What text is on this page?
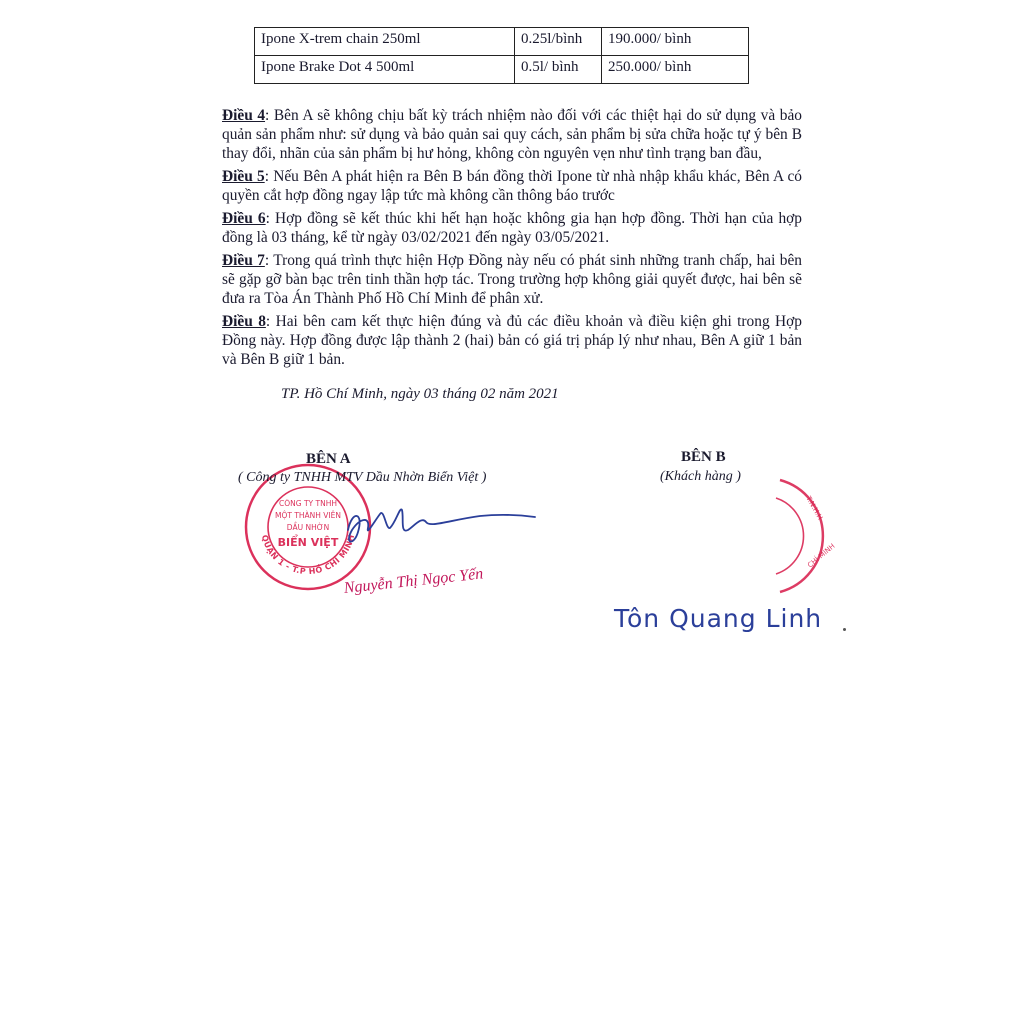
Ipone X-trem chain 250ml	0.25l/bình	190.000/ bình
Ipone Brake Dot 4 500ml	0.5l/ bình	250.000/ bình

Điều 4: Bên A sẽ không chịu bất kỳ trách nhiệm nào đối với các thiệt hại do sử dụng và bảo quản sản phẩm như: sử dụng và bảo quản sai quy cách, sản phẩm bị sửa chữa hoặc tự ý bên B thay đổi, nhãn của sản phẩm bị hư hỏng, không còn nguyên vẹn như tình trạng ban đầu,

Điều 5: Nếu Bên A phát hiện ra Bên B bán đồng thời Ipone từ nhà nhập khẩu khác, Bên A có quyền cắt hợp đồng ngay lập tức mà không cần thông báo trước

Điều 6: Hợp đồng sẽ kết thúc khi hết hạn hoặc không gia hạn hợp đồng. Thời hạn của hợp đồng là 03 tháng, kể từ ngày 03/02/2021 đến ngày 03/05/2021.

Điều 7: Trong quá trình thực hiện Hợp Đồng này nếu có phát sinh những tranh chấp, hai bên sẽ gặp gỡ bàn bạc trên tinh thần hợp tác. Trong trường hợp không giải quyết được, hai bên sẽ đưa ra Tòa Án Thành Phố Hồ Chí Minh để phân xử.

Điều 8: Hai bên cam kết thực hiện đúng và đủ các điều khoản và điều kiện ghi trong Hợp Đồng này. Hợp đồng được lập thành 2 (hai) bản có giá trị pháp lý như nhau, Bên A giữ 1 bản và Bên B giữ 1 bản.

TP. Hồ Chí Minh, ngày 03 tháng 02 năm 2021
QUẬN 1 - T.P HỒ CHÍ MINH
CÔNG TY TNHH
MỘT THÀNH VIÊN
DẦU NHỜN
BIỂN VIỆT
BÊN A
( Công ty TNHH MTV Dầu Nhờn Biển Việt )
Nguyễn Thị Ngọc Yến
BÊN B
(Khách hàng )
T.N.H.H
CHÍ MINH
Tôn Quang Linh
